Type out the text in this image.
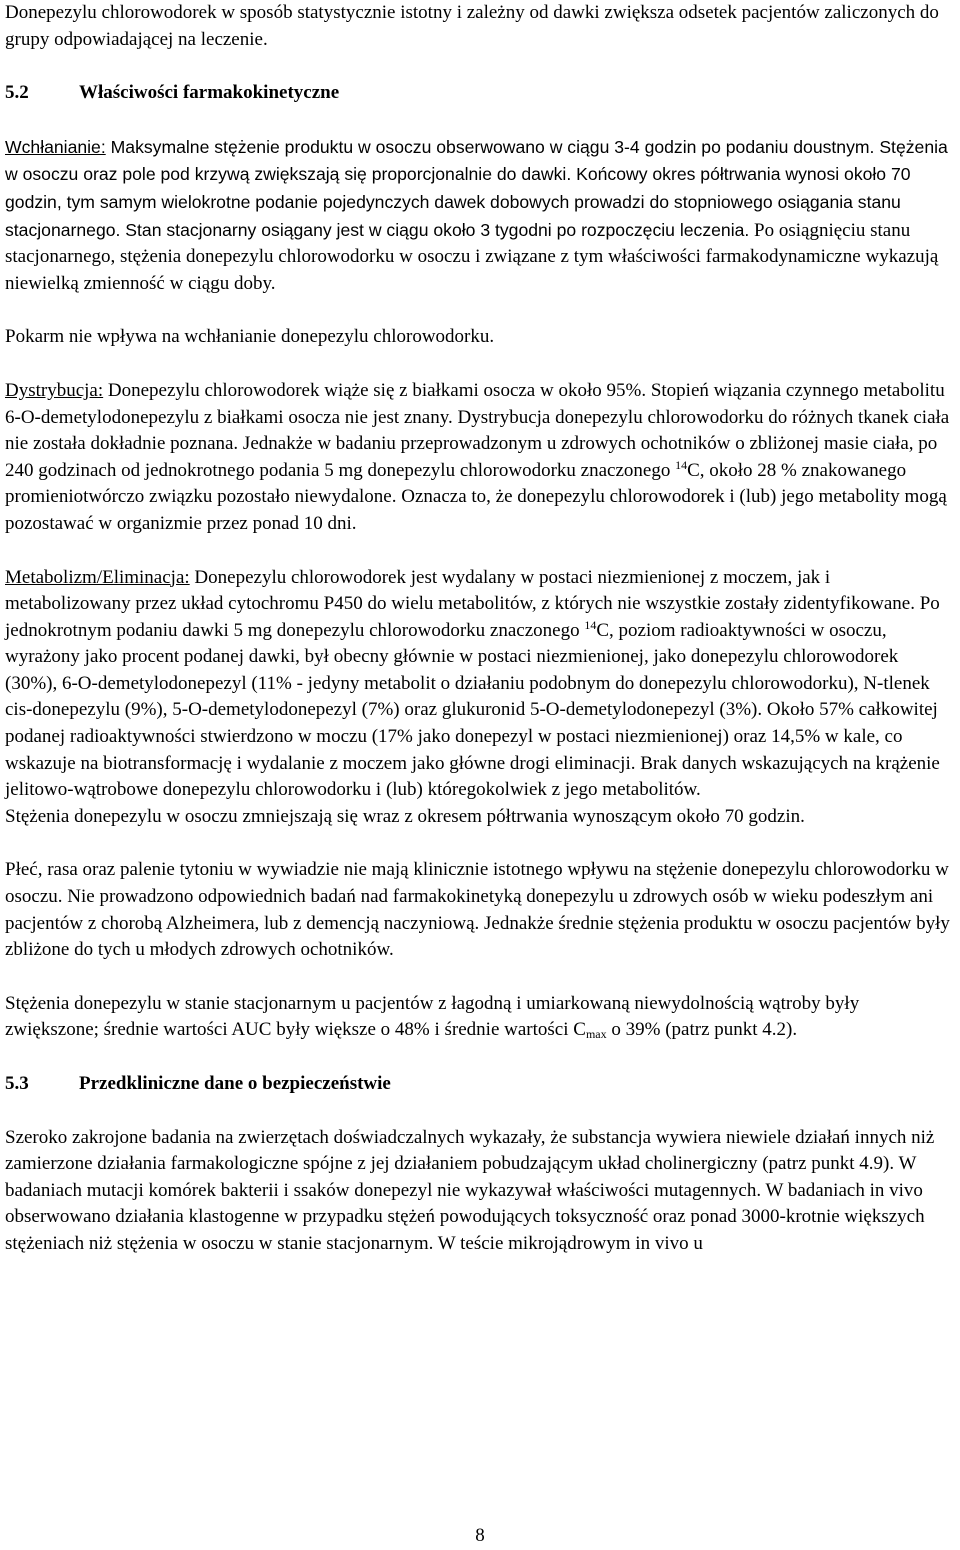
Donepezylu chlorowodorek w sposób statystycznie istotny i zależny od dawki zwiększa odsetek pacjentów zaliczonych do grupy odpowiadającej na leczenie.

5.2	Właściwości farmakokinetyczne

Wchłanianie: Maksymalne stężenie produktu w osoczu obserwowano w ciągu 3-4 godzin po podaniu doustnym. Stężenia w osoczu oraz pole pod krzywą zwiększają się proporcjonalnie do dawki. Końcowy okres półtrwania wynosi około 70 godzin, tym samym wielokrotne podanie pojedynczych dawek dobowych prowadzi do stopniowego osiągania stanu stacjonarnego. Stan stacjonarny osiągany jest w ciągu około 3 tygodni po rozpoczęciu leczenia. Po osiągnięciu stanu stacjonarnego, stężenia donepezylu chlorowodorku w osoczu i związane z tym właściwości farmakodynamiczne wykazują niewielką zmienność w ciągu doby.

Pokarm nie wpływa na wchłanianie donepezylu chlorowodorku.

Dystrybucja: Donepezylu chlorowodorek wiąże się z białkami osocza w około 95%. Stopień wiązania czynnego metabolitu 6-O-demetylodonepezylu z białkami osocza nie jest znany. Dystrybucja donepezylu chlorowodorku do różnych tkanek ciała nie została dokładnie poznana. Jednakże w badaniu przeprowadzonym u zdrowych ochotników o zbliżonej masie ciała, po 240 godzinach od jednokrotnego podania 5 mg donepezylu chlorowodorku znaczonego $^{14}$C, około 28 % znakowanego promieniotwórczo związku pozostało niewydalone. Oznacza to, że donepezylu chlorowodorek i (lub) jego metabolity mogą pozostawać w organizmie przez ponad 10 dni.

Metabolizm/Eliminacja: Donepezylu chlorowodorek jest wydalany w postaci niezmienionej z moczem, jak i metabolizowany przez układ cytochromu P450 do wielu metabolitów, z których nie wszystkie zostały zidentyfikowane. Po jednokrotnym podaniu dawki 5 mg donepezylu chlorowodorku znaczonego $^{14}$C, poziom radioaktywności w osoczu, wyrażony jako procent podanej dawki, był obecny głównie w postaci niezmienionej, jako donepezylu chlorowodorek (30%), 6-O-demetylodonepezyl (11% - jedyny metabolit o działaniu podobnym do donepezylu chlorowodorku), N-tlenek cis-donepezylu (9%), 5-O-demetylodonepezyl (7%) oraz glukuronid 5-O-demetylodonepezyl (3%). Około 57% całkowitej podanej radioaktywności stwierdzono w moczu (17% jako donepezyl w postaci niezmienionej) oraz 14,5% w kale, co wskazuje na biotransformację i wydalanie z moczem jako główne drogi eliminacji. Brak danych wskazujących na krążenie jelitowo-wątrobowe donepezylu chlorowodorku i (lub) któregokolwiek z jego metabolitów.

Stężenia donepezylu w osoczu zmniejszają się wraz z okresem półtrwania wynoszącym około 70 godzin.

Płeć, rasa oraz palenie tytoniu w wywiadzie nie mają klinicznie istotnego wpływu na stężenie donepezylu chlorowodorku w osoczu. Nie prowadzono odpowiednich badań nad farmakokinetyką donepezylu u zdrowych osób w wieku podeszłym ani pacjentów z chorobą Alzheimera, lub z demencją naczyniową. Jednakże średnie stężenia produktu w osoczu pacjentów były zbliżone do tych u młodych zdrowych ochotników.

Stężenia donepezylu w stanie stacjonarnym u pacjentów z łagodną i umiarkowaną niewydolnością wątroby były zwiększone; średnie wartości AUC były większe o 48% i średnie wartości $C_{max}$ o 39% (patrz punkt 4.2).

5.3	Przedkliniczne dane o bezpieczeństwie

Szeroko zakrojone badania na zwierzętach doświadczalnych wykazały, że substancja wywiera niewiele działań innych niż zamierzone działania farmakologiczne spójne z jej działaniem pobudzającym układ cholinergiczny (patrz punkt 4.9). W badaniach mutacji komórek bakterii i ssaków donepezyl nie wykazywał właściwości mutagennych. W badaniach in vivo obserwowano działania klastogenne w przypadku stężeń powodujących toksyczność oraz ponad 3000-krotnie większych stężeniach niż stężenia w osoczu w stanie stacjonarnym. W teście mikrojądrowym in vivo u

8
